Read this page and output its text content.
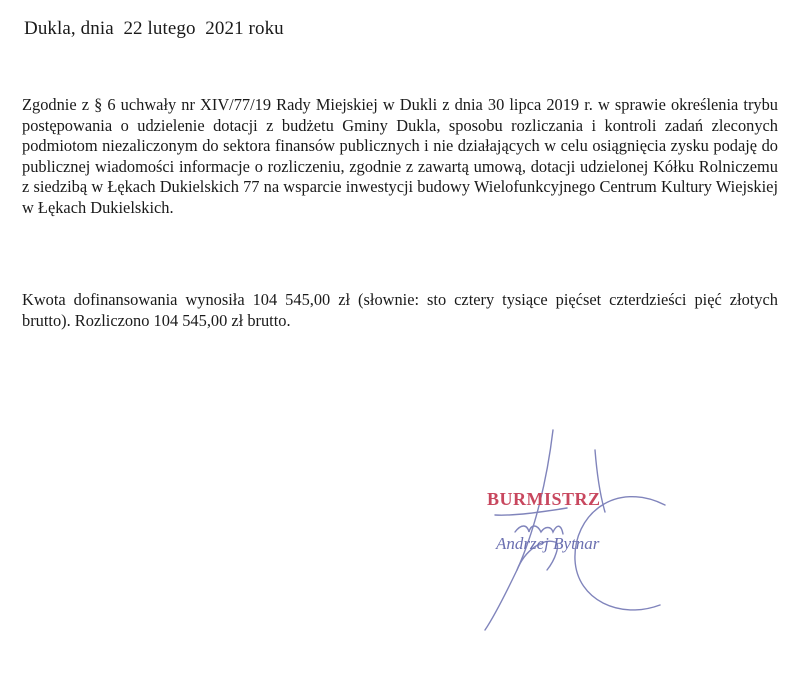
Dukla, dnia  22 lutego  2021 roku

Zgodnie z § 6 uchwały nr XIV/77/19 Rady Miejskiej w Dukli z dnia 30 lipca 2019 r. w sprawie określenia trybu postępowania o udzielenie dotacji z budżetu Gminy Dukla, sposobu rozliczania i kontroli zadań zleconych podmiotom niezaliczonym do sektora finansów publicznych i nie działających w celu osiągnięcia zysku podaję do publicznej wiadomości informacje o rozliczeniu, zgodnie z zawartą umową, dotacji udzielonej Kółku Rolniczemu z siedzibą w Łękach Dukielskich 77 na wsparcie inwestycji budowy Wielofunkcyjnego Centrum Kultury Wiejskiej w Łękach Dukielskich.

Kwota dofinansowania wynosiła 104 545,00 zł (słownie: sto cztery tysiące pięćset czterdzieści pięć złotych brutto). Rozliczono 104 545,00 zł brutto.

BURMISTRZ
Andrzej Bytnar
